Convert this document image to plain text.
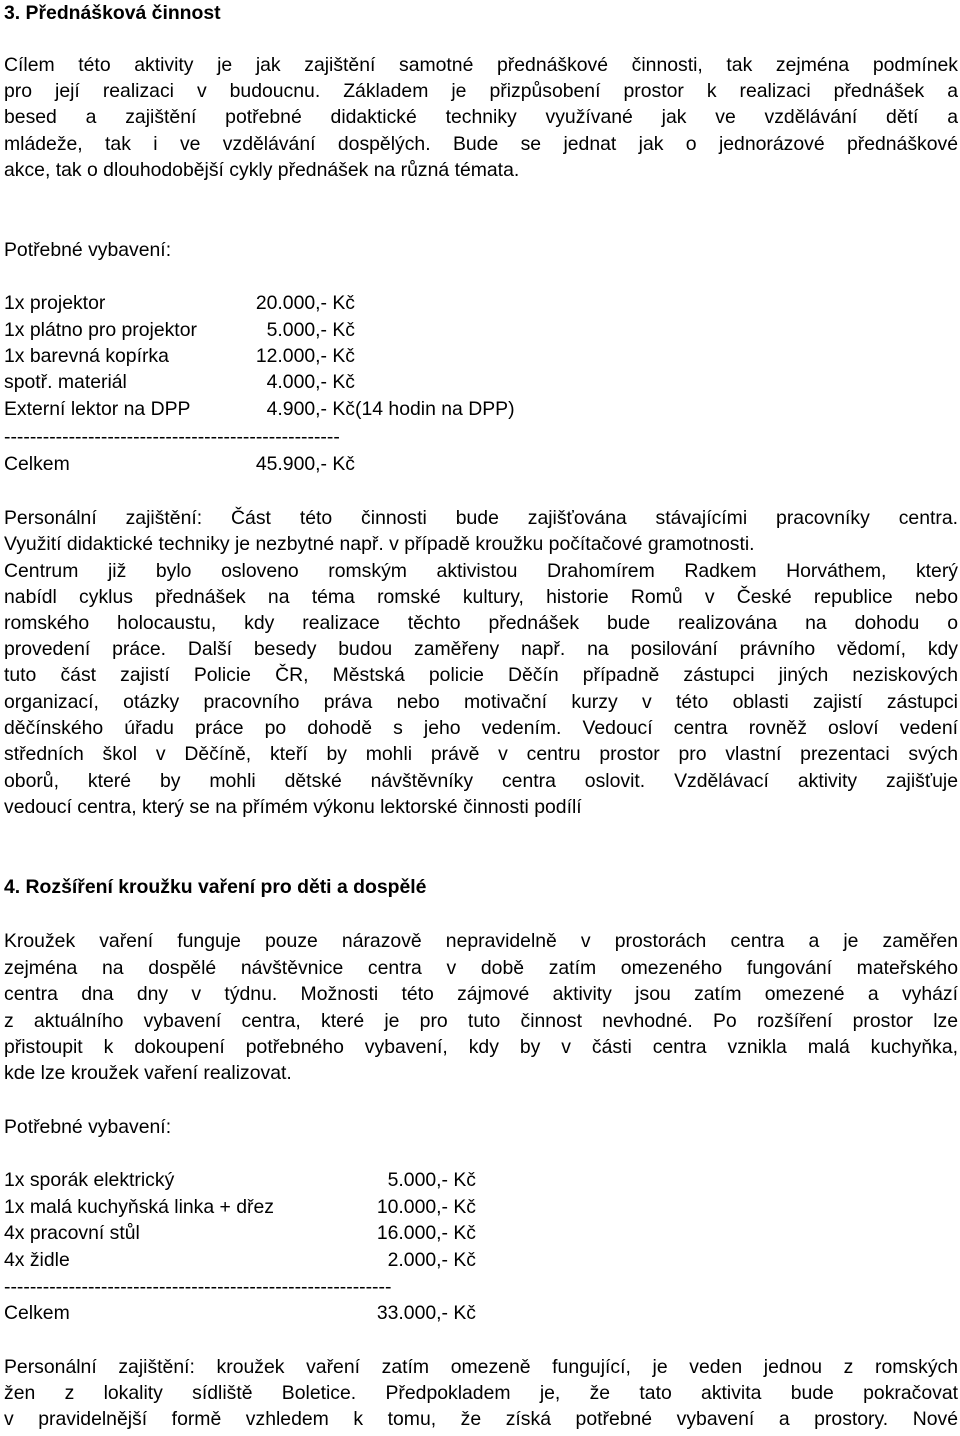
3. Přednášková činnost
Cílem této aktivity je jak zajištění samotné přednáškové činnosti, tak zejména podmínek
pro její realizaci v budoucnu. Základem je přizpůsobení prostor k realizaci přednášek a
besed a zajištění potřebné didaktické techniky využívané jak ve vzdělávání dětí a
mládeže, tak i ve vzdělávání dospělých. Bude se jednat jak o jednorázové přednáškové
akce, tak o dlouhodobější cykly přednášek na různá témata.
Potřebné vybavení:
1x projektor	20.000,- Kč
1x plátno pro projektor	5.000,- Kč
1x barevná kopírka	12.000,- Kč
spotř. materiál	4.000,- Kč
Externí lektor na DPP	4.900,- Kč (14 hodin na DPP)
----------------------------------------------------
Celkem	45.900,- Kč
Personální zajištění: Část této činnosti bude zajišťována stávajícími pracovníky centra.
Využití didaktické techniky je nezbytné např. v případě kroužku počítačové gramotnosti.
Centrum již bylo osloveno romským aktivistou Drahomírem Radkem Horváthem, který
nabídl cyklus přednášek na téma romské kultury, historie Romů v České republice nebo
romského holocaustu, kdy realizace těchto přednášek bude realizována na dohodu o
provedení práce. Další besedy budou zaměřeny např. na posilování právního vědomí, kdy
tuto část zajistí Policie ČR, Městská policie Děčín případně zástupci jiných neziskových
organizací, otázky pracovního práva nebo motivační kurzy v této oblasti zajistí zástupci
děčínského úřadu práce po dohodě s jeho vedením. Vedoucí centra rovněž osloví vedení
středních škol v Děčíně, kteří by mohli právě v centru prostor pro vlastní prezentaci svých
oborů, které by mohli dětské návštěvníky centra oslovit. Vzdělávací aktivity zajišťuje
vedoucí centra, který se na přímém výkonu lektorské činnosti podílí
4. Rozšíření kroužku vaření pro děti a dospělé
Kroužek vaření funguje pouze nárazově nepravidelně v prostorách centra a je zaměřen
zejména na dospělé návštěvnice centra v době zatím omezeného fungování mateřského
centra dna dny v týdnu. Možnosti této zájmové aktivity jsou zatím omezené a vyhází
z aktuálního vybavení centra, které je pro tuto činnost nevhodné. Po rozšíření prostor lze
přistoupit k dokoupení potřebného vybavení, kdy by v části centra vznikla malá kuchyňka,
kde lze kroužek vaření realizovat.
Potřebné vybavení:
1x sporák elektrický	5.000,- Kč
1x malá kuchyňská linka + dřez	10.000,- Kč
4x pracovní stůl	16.000,- Kč
4x židle	2.000,- Kč
------------------------------------------------------------
Celkem	33.000,- Kč
Personální zajištění: kroužek vaření zatím omezeně fungující, je veden jednou z romských
žen z lokality sídliště Boletice. Předpokladem je, že tato aktivita bude pokračovat
v pravidelnější formě vzhledem k tomu, že získá potřebné vybavení a prostory. Nové
